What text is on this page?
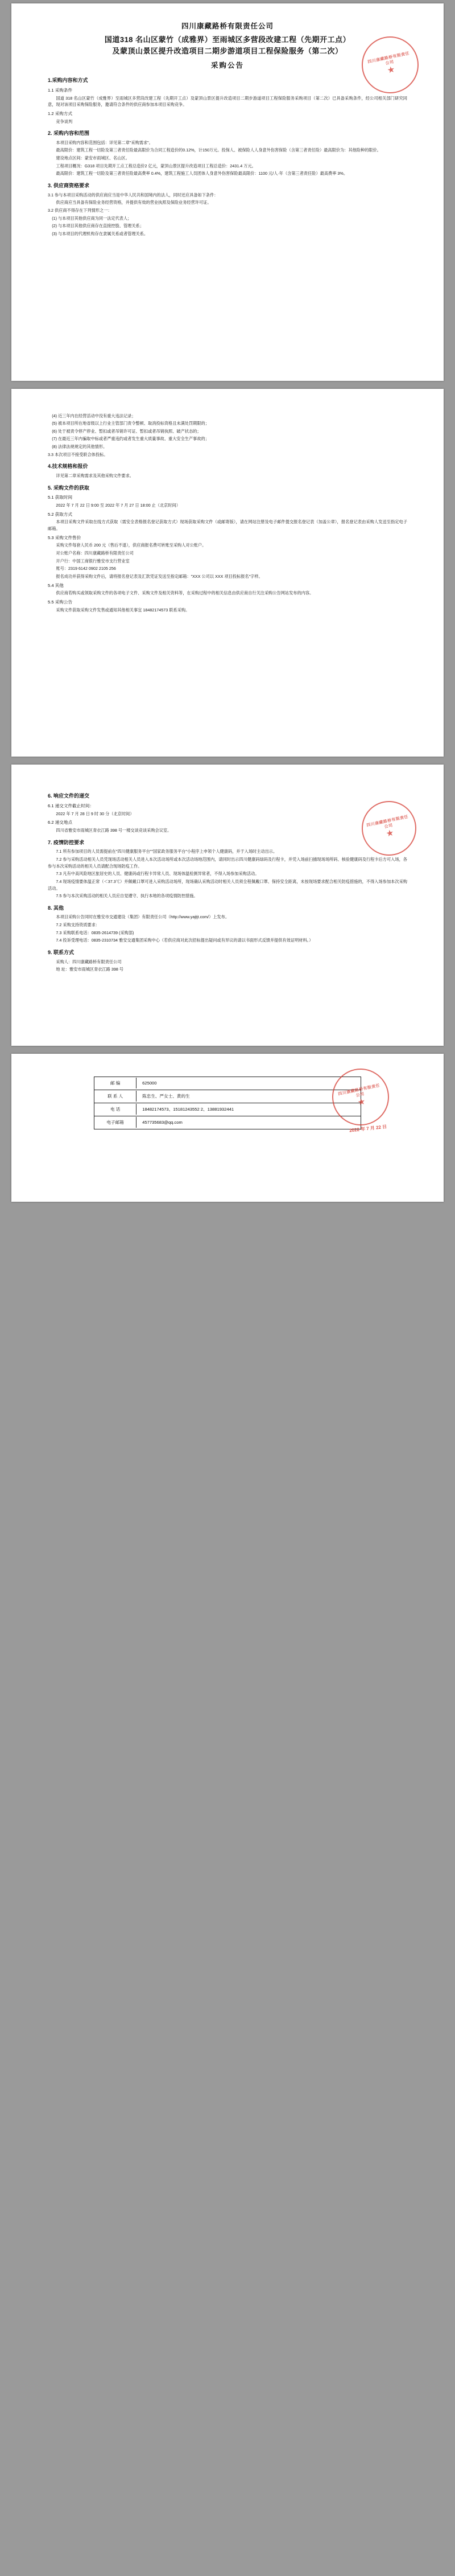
四川康藏路桥有限责任公司
国道318 名山区蒙竹（成雅界）至雨城区多营段改建工程（先期开工点）
及蒙顶山景区提升改造项目二期步游道项目工程保险服务（第二次）
采购公告
1.采购内容和方式
1.1 采购条件
国道 318 名山区蒙竹（成雅界）至雨城区多营段改建工程（先期开工点）及蒙顶山景区提升改造项目二期步游道项目工程保险服务采购项目（第二次）已具备采购条件，经公司相关部门研究同意，现对该项目采购保险服务，邀请符合条件的供应商参加本项目采购竞争。
1.2 采购方式
竞争谈判
2. 采购内容和范围
本项目采购内容和范围包括：详见第二章"采购需求"。
最高限价：建筑工程一切险及第三者责任险最高限价为合同工程造价的0.12%，计150万元。投保人、被保险人人身意外伤害保险（含第三者责任险）最高限价为：其他险种的限价。
建设地点区间：蒙安市雨城区、名山区。
工程项目概况：G318 项目先期开工点工程总造价2 亿元，蒙顶山景区提升改造项目工程总造价：2431.4 万元。
最高限价：建筑工程一切险及第三者责任险最高费率 0.4%，建筑工程施工人员团体人身意外伤害保险最高限价：1100 元/人·年（含第三者责任险）最高费率 3%。
3. 供应商资格要求
3.1 参与本项目采购活动的供应商应当是中华人民共和国境内的法人，同时还应具备如下条件：
供应商应当具备有保险业务经营资格，并提供有效的营业执照及保险业务经营许可证。
3.2 供应商不得存在下列情形之一：
(1) 与本项目其他供应商为同一法定代表人；
(2) 与本项目其他供应商存在直接控股、管理关系；
(3) 与本项目的代理机构存在隶属关系或者管理关系。
四川康藏路桥有限责任公司
★
(4) 近三年内在经营活动中没有重大违法记录；
(5) 被本项目所在地省级以上行业主管部门责令整顿、取消投标资格且未满处罚期限的；
(6) 处于被责令停产停业、暂扣或者吊销许可证、暂扣或者吊销执照、破产状态的；
(7) 在最近三年内骗取中标或者严重违约或者发生重大质量事故、重大安全生产事故的；
(8) 法律法规规定的其他情形。
3.3 本次项目不接受联合体投标。
4.技术规格和报价
详见第二章采购需求及其他采购文件要求。
5. 采购文件的获取
5.1 获取时间
2022 年 7 月 22 日 9:00 至 2022 年 7 月 27 日 18:00 止（北京时间）
5.2 获取方式
本项目采购文件采取在线方式获取（需安全表格报名登记获取方式）现场获取采购文件（或邮寄版），请在网站注册及电子邮件提交报名登记表（加盖公章），报名登记表由采购人发送至指定电子邮箱。
5.3 采购文件售价
采购文件每套人民币 200 元（售后不退），供应商报名费可转账至采购人对公账户。
对公账户名称：四川康藏路桥有限责任公司
开户行：中国工商银行雅安市支行营业室
账号：2319 6142 0902 2105 256
报名成功并获得采购文件后，请将报名登记表及汇款凭证发送至指定邮箱："XXX 公司以 XXX 项目投标报名"字样。
5.4 其他
供应商若购买或领取采购文件的各项电子文件、采购文件及相关资料等，在采购过程中的相关信息由供应商自行关注采购公告网站发布的内容。
5.5 采购公告
采购文件获取采购文件发售或通知其他相关事宜 18482174573 联系采购。
6. 响应文件的递交
6.1 递交文件截止时间：
2022 年 7 月 28 日 9 时 30 分（北京时间）
6.2 递交地点
四川省雅安市雨城区青衣江路 398 号一楼交谈竞谈采购会议室。
7. 疫情防控要求
7.1 所有参加项目的人员需提前在"四川健康服务平台""国家政务服务平台"小程序上申领个人健康码，并于入场时主动出示。
7.2 参与采购活动相关人员凭现场活动相关人员进入本次活动场所或本次活动场地范围内，请同时出示四川健康码绿码及行程卡，并凭入场前扫描现场场所码、核验健康码及行程卡后方可入场，各参与本次采购活动的相关人员请配合现场防疫工作。
7.3 凡有中高风险地区旅居史的人员、健康码或行程卡异常人员、现场体温检测异常者，不得入场参加采购活动。
7.4 现场疫情要体温正常（＜37.3℃）并佩戴口罩可进入采购活动场所，现场确认采购活动时相关人员须全程佩戴口罩、保持安全距离，未按现场要求配合相关防疫措施的，不得入场参加本次采购活动。
7.5 参与本次采购活动的相关人员应自觉遵守、执行本地的各项疫情防控措施。
8. 其他
本项目采购公告同时在雅安市交通建设（集团）有限责任公司（http://www.yajtjt.com/）上发布。
7.2 采购支持资质要求：
7.3 采购联系电话：0835-2614739 (采购部)
7.4 投诉受理电话：0835-2310734 雅安交通集团采购中心（若供应商对此次招标提出疑问或有异议的请以书面形式反馈并提供有效证明材料。）
9. 联系方式
采购人：四川康藏路桥有限责任公司
地 址：雅安市雨城区青衣江路 398 号
四川康藏路桥有限责任公司
★
邮 编	625000
联 系 人	陈忠生、严女士、黄的生
电 话	18482174573、15181243552 2、13881932441
电子邮箱	457735683@qq.com
四川康藏路桥有限责任公司
★
2022 年 7 月 22 日
